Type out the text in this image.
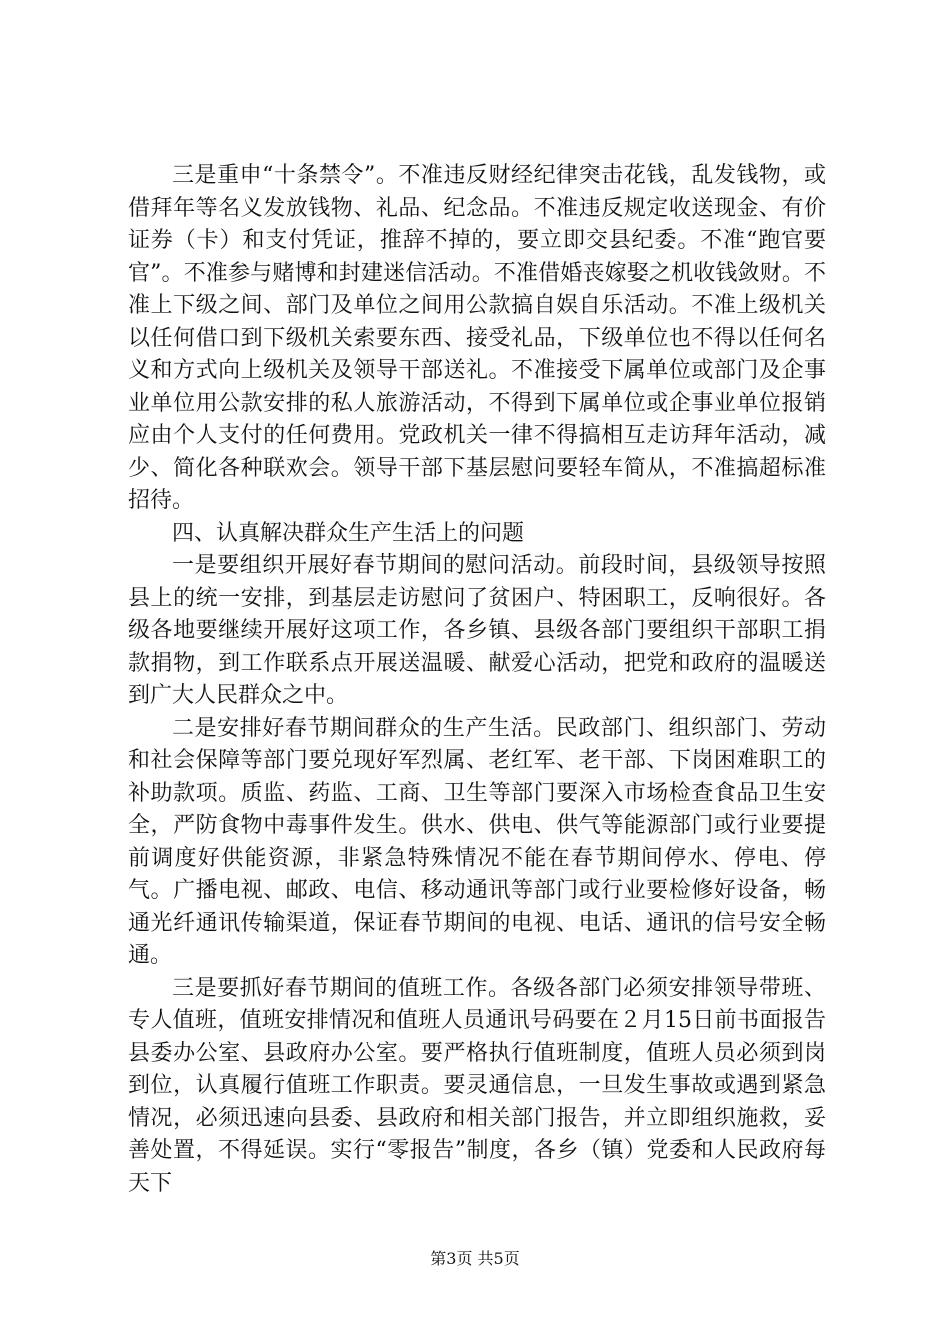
三是重申“十条禁令”。不准违反财经纪律突击花钱，乱发钱物，或借拜年等名义发放钱物、礼品、纪念品。不准违反规定收送现金、有价证券（卡）和支付凭证，推辞不掉的，要立即交县纪委。不准“跑官要官”。不准参与赌博和封建迷信活动。不准借婚丧嫁娶之机收钱敛财。不准上下级之间、部门及单位之间用公款搞自娱自乐活动。不准上级机关以任何借口到下级机关索要东西、接受礼品，下级单位也不得以任何名义和方式向上级机关及领导干部送礼。不准接受下属单位或部门及企事业单位用公款安排的私人旅游活动，不得到下属单位或企事业单位报销应由个人支付的任何费用。党政机关一律不得搞相互走访拜年活动，减少、简化各种联欢会。领导干部下基层慰问要轻车简从，不准搞超标准招待。

四、认真解决群众生产生活上的问题

一是要组织开展好春节期间的慰问活动。前段时间，县级领导按照县上的统一安排，到基层走访慰问了贫困户、特困职工，反响很好。各级各地要继续开展好这项工作，各乡镇、县级各部门要组织干部职工捐款捐物，到工作联系点开展送温暖、献爱心活动，把党和政府的温暖送到广大人民群众之中。

二是安排好春节期间群众的生产生活。民政部门、组织部门、劳动和社会保障等部门要兑现好军烈属、老红军、老干部、下岗困难职工的补助款项。质监、药监、工商、卫生等部门要深入市场检查食品卫生安全，严防食物中毒事件发生。供水、供电、供气等能源部门或行业要提前调度好供能资源，非紧急特殊情况不能在春节期间停水、停电、停气。广播电视、邮政、电信、移动通讯等部门或行业要检修好设备，畅通光纤通讯传输渠道，保证春节期间的电视、电话、通讯的信号安全畅通。

三是要抓好春节期间的值班工作。各级各部门必须安排领导带班、专人值班，值班安排情况和值班人员通讯号码要在２月15日前书面报告县委办公室、县政府办公室。要严格执行值班制度，值班人员必须到岗到位，认真履行值班工作职责。要灵通信息，一旦发生事故或遇到紧急情况，必须迅速向县委、县政府和相关部门报告，并立即组织施救，妥善处置，不得延误。实行“零报告”制度，各乡（镇）党委和人民政府每天下

第3页 共5页
